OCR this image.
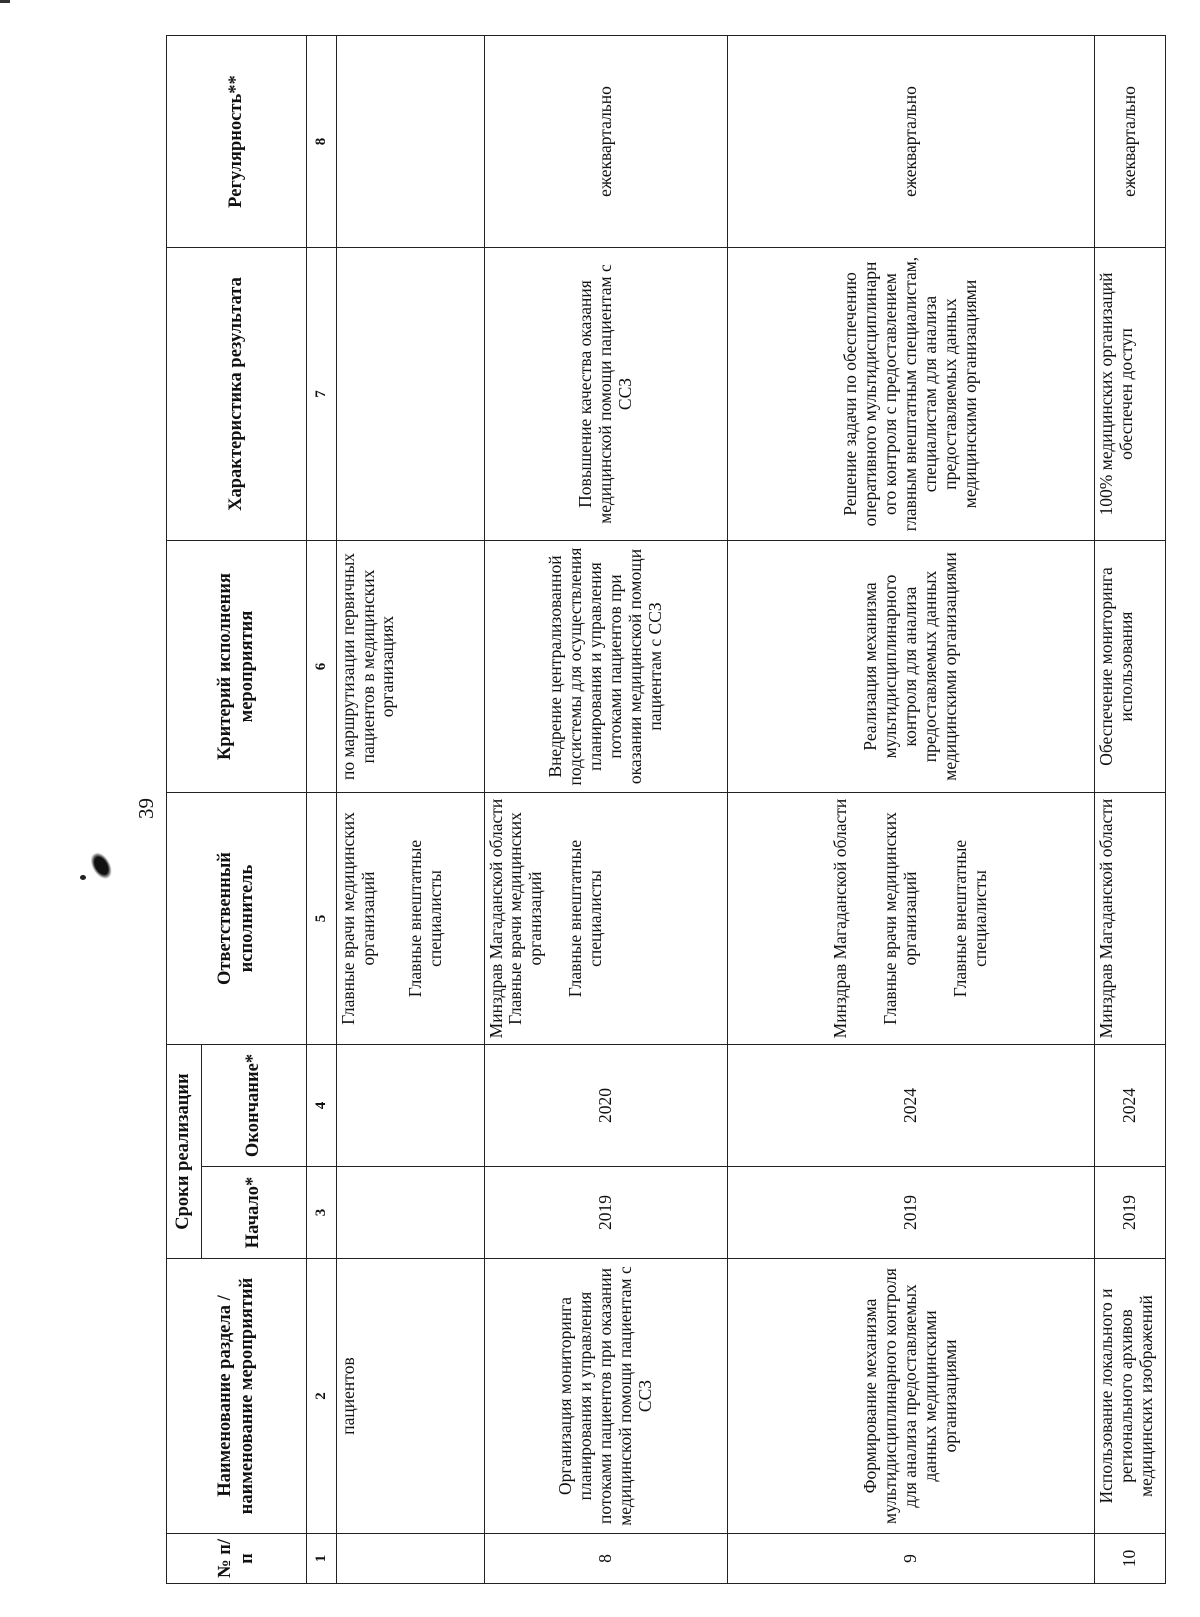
39
№ п/п	Наименование раздела /наименование мероприятий	Сроки реализации		Ответственный исполнитель	Критерий исполнения мероприятия	Характеристика результата	Регулярность**
		Начало*	Окончание*				
1	2	3	4	5	6	7	8
	пациентов			Главные врачи медицинских организаций Главные внештатные специалисты	по маршрутизации первичных пациентов в медицинских организациях		
8	Организация мониторинга планирования и управления потоками пациентов при оказании медицинской помощи пациентам с ССЗ	2019	2020	Минздрав Магаданской области Главные врачи медицинских организаций Главные внештатные специалисты	Внедрение централизованной подсистемы для осуществления планирования и управления потоками пациентов при оказании медицинской помощи пациентам с ССЗ	Повышение качества оказания медицинской помощи пациентам с ССЗ	ежеквартально
9	Формирование механизма мультидисциплинарного контроля для анализа предоставляемых данных медицинскими организациями	2019	2024	Минздрав Магаданской области Главные врачи медицинских организаций Главные внештатные специалисты	Реализация механизма мультидисциплинарного контроля для анализа предоставляемых данных медицинскими организациями	Решение задачи по обеспечению оперативного мультидисциплинарн ого контроля с предоставлением главным внештатным специалистам, специалистам для анализа предоставляемых данных медицинскими организациями	ежеквартально
10	Использование локального и регионального архивов медицинских изображений	2019	2024	Минздрав Магаданской области	Обеспечение мониторинга использования	100% медицинских организаций обеспечен доступ	ежеквартально
